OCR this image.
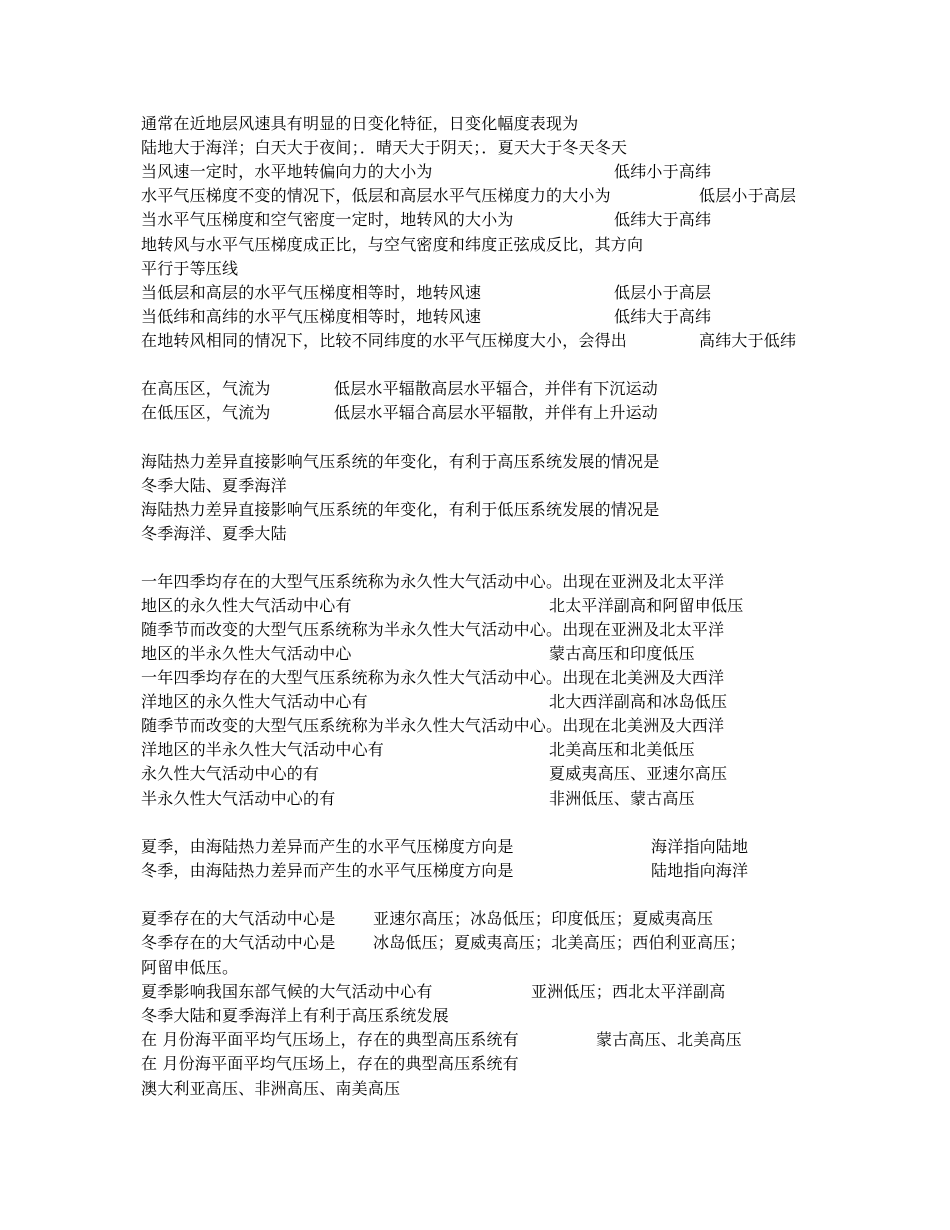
通常在近地层风速具有明显的日变化特征，日变化幅度表现为
陆地大于海洋；白天大于夜间；．晴天大于阴天；．夏天大于冬天冬天
当风速一定时，水平地转偏向力的大小为	低纬小于高纬
水平气压梯度不变的情况下，低层和高层水平气压梯度力的大小为	低层小于高层
当水平气压梯度和空气密度一定时，地转风的大小为	低纬大于高纬
地转风与水平气压梯度成正比，与空气密度和纬度正弦成反比，其方向
平行于等压线
当低层和高层的水平气压梯度相等时，地转风速	低层小于高层
当低纬和高纬的水平气压梯度相等时，地转风速	低纬大于高纬
在地转风相同的情况下，比较不同纬度的水平气压梯度大小，会得出	高纬大于低纬
在高压区，气流为	低层水平辐散高层水平辐合，并伴有下沉运动
在低压区，气流为	低层水平辐合高层水平辐散，并伴有上升运动
海陆热力差异直接影响气压系统的年变化，有利于高压系统发展的情况是
冬季大陆、夏季海洋
海陆热力差异直接影响气压系统的年变化，有利于低压系统发展的情况是
冬季海洋、夏季大陆
一年四季均存在的大型气压系统称为永久性大气活动中心。出现在亚洲及北太平洋
地区的永久性大气活动中心有	北太平洋副高和阿留申低压
随季节而改变的大型气压系统称为半永久性大气活动中心。出现在亚洲及北太平洋
地区的半永久性大气活动中心	蒙古高压和印度低压
一年四季均存在的大型气压系统称为永久性大气活动中心。出现在北美洲及大西洋
洋地区的永久性大气活动中心有	北大西洋副高和冰岛低压
随季节而改变的大型气压系统称为半永久性大气活动中心。出现在北美洲及大西洋
洋地区的半永久性大气活动中心有	北美高压和北美低压
永久性大气活动中心的有	夏威夷高压、亚速尔高压
半永久性大气活动中心的有	非洲低压、蒙古高压
夏季，由海陆热力差异而产生的水平气压梯度方向是	海洋指向陆地
冬季，由海陆热力差异而产生的水平气压梯度方向是	陆地指向海洋
夏季存在的大气活动中心是 亚速尔高压；冰岛低压；印度低压；夏威夷高压
冬季存在的大气活动中心是 冰岛低压；夏威夷高压；北美高压；西伯利亚高压；
阿留申低压。
夏季影响我国东部气候的大气活动中心有	亚洲低压；西北太平洋副高
冬季大陆和夏季海洋上有利于高压系统发展
在 月份海平面平均气压场上，存在的典型高压系统有	蒙古高压、北美高压
在 月份海平面平均气压场上，存在的典型高压系统有
澳大利亚高压、非洲高压、南美高压
